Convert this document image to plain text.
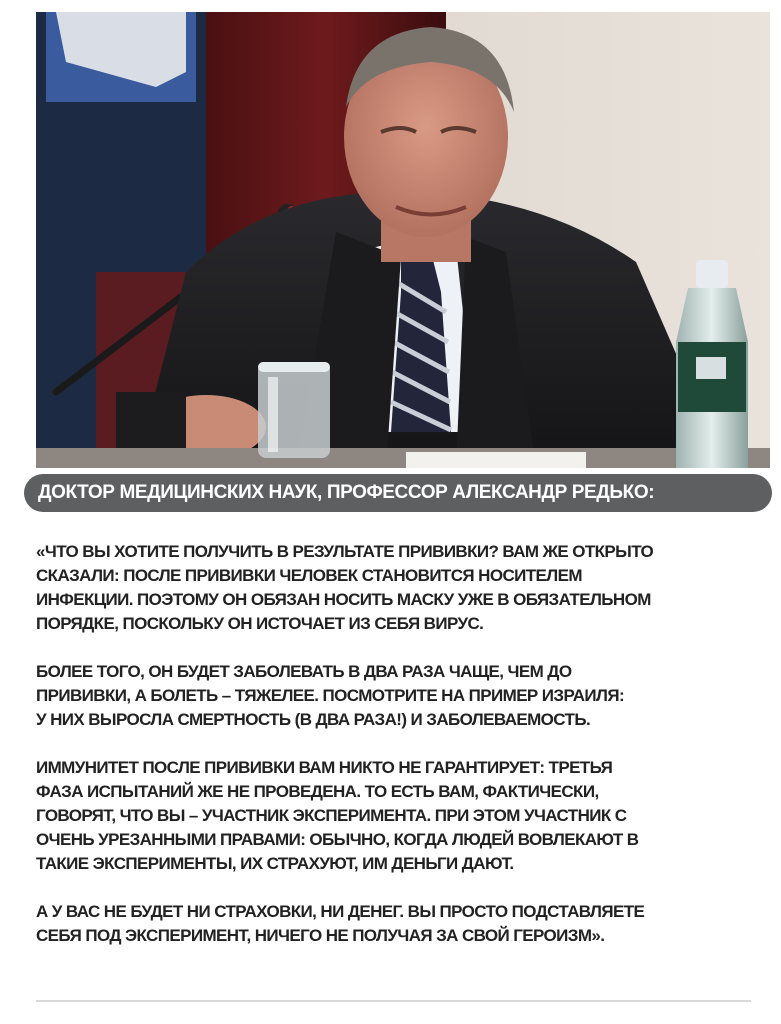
ДОКТОР МЕДИЦИНСКИХ НАУК, ПРОФЕССОР АЛЕКСАНДР РЕДЬКО:
«ЧТО ВЫ ХОТИТЕ ПОЛУЧИТЬ В РЕЗУЛЬТАТЕ ПРИВИВКИ? ВАМ ЖЕ ОТКРЫТО
СКАЗАЛИ: ПОСЛЕ ПРИВИВКИ ЧЕЛОВЕК СТАНОВИТСЯ НОСИТЕЛЕМ
ИНФЕКЦИИ. ПОЭТОМУ ОН ОБЯЗАН НОСИТЬ МАСКУ УЖЕ В ОБЯЗАТЕЛЬНОМ
ПОРЯДКЕ, ПОСКОЛЬКУ ОН ИСТОЧАЕТ ИЗ СЕБЯ ВИРУС.
БОЛЕЕ ТОГО, ОН БУДЕТ ЗАБОЛЕВАТЬ В ДВА РАЗА ЧАЩЕ, ЧЕМ ДО
ПРИВИВКИ, А БОЛЕТЬ – ТЯЖЕЛЕЕ. ПОСМОТРИТЕ НА ПРИМЕР ИЗРАИЛЯ:
У НИХ ВЫРОСЛА СМЕРТНОСТЬ (В ДВА РАЗА!) И ЗАБОЛЕВАЕМОСТЬ.
ИММУНИТЕТ ПОСЛЕ ПРИВИВКИ ВАМ НИКТО НЕ ГАРАНТИРУЕТ: ТРЕТЬЯ
ФАЗА ИСПЫТАНИЙ ЖЕ НЕ ПРОВЕДЕНА. ТО ЕСТЬ ВАМ, ФАКТИЧЕСКИ,
ГОВОРЯТ, ЧТО ВЫ – УЧАСТНИК ЭКСПЕРИМЕНТА. ПРИ ЭТОМ УЧАСТНИК С
ОЧЕНЬ УРЕЗАННЫМИ ПРАВАМИ: ОБЫЧНО, КОГДА ЛЮДЕЙ ВОВЛЕКАЮТ В
ТАКИЕ ЭКСПЕРИМЕНТЫ, ИХ СТРАХУЮТ, ИМ ДЕНЬГИ ДАЮТ.
А У ВАС НЕ БУДЕТ НИ СТРАХОВКИ, НИ ДЕНЕГ. ВЫ ПРОСТО ПОДСТАВЛЯЕТЕ
СЕБЯ ПОД ЭКСПЕРИМЕНТ, НИЧЕГО НЕ ПОЛУЧАЯ ЗА СВОЙ ГЕРОИЗМ».
